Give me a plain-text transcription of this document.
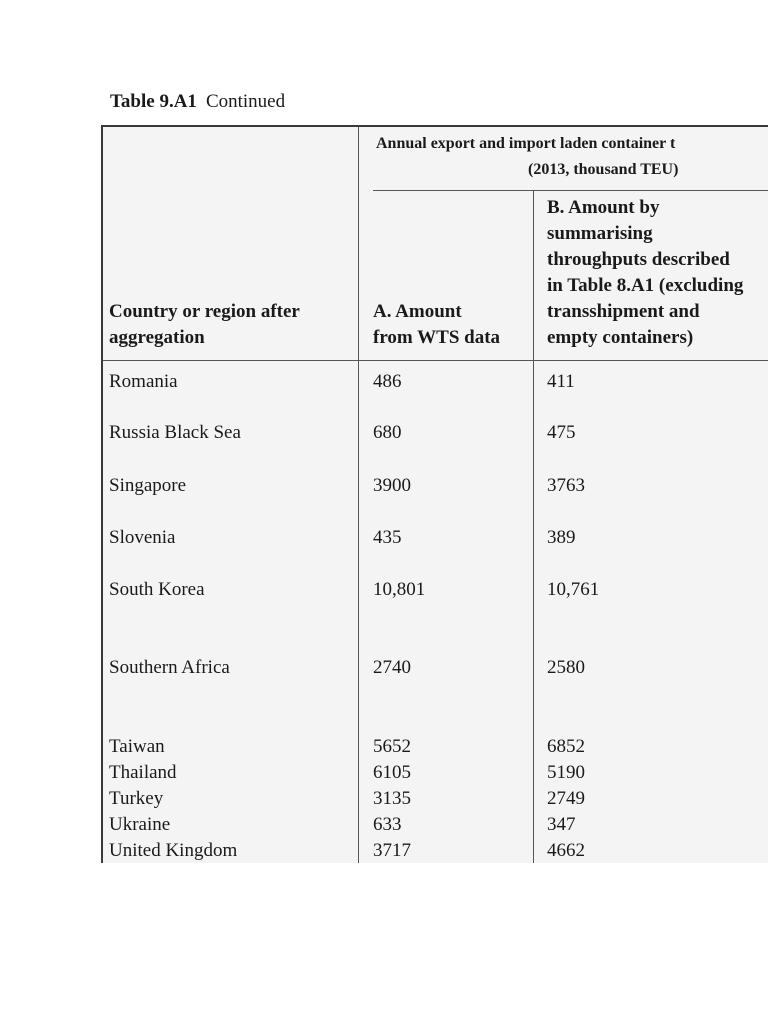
Table 9.A1 Continued
Annual export and import laden container t
(2013, thousand TEU)
Country or region after
aggregation
A. Amount
from WTS data
B. Amount by
summarising
throughputs described
in Table 8.A1 (excluding
transshipment and
empty containers)
Romania	486	411
Russia Black Sea	680	475
Singapore	3900	3763
Slovenia	435	389
South Korea	10,801	10,761
Southern Africa	2740	2580
Taiwan	5652	6852
Thailand	6105	5190
Turkey	3135	2749
Ukraine	633	347
United Kingdom	3717	4662
